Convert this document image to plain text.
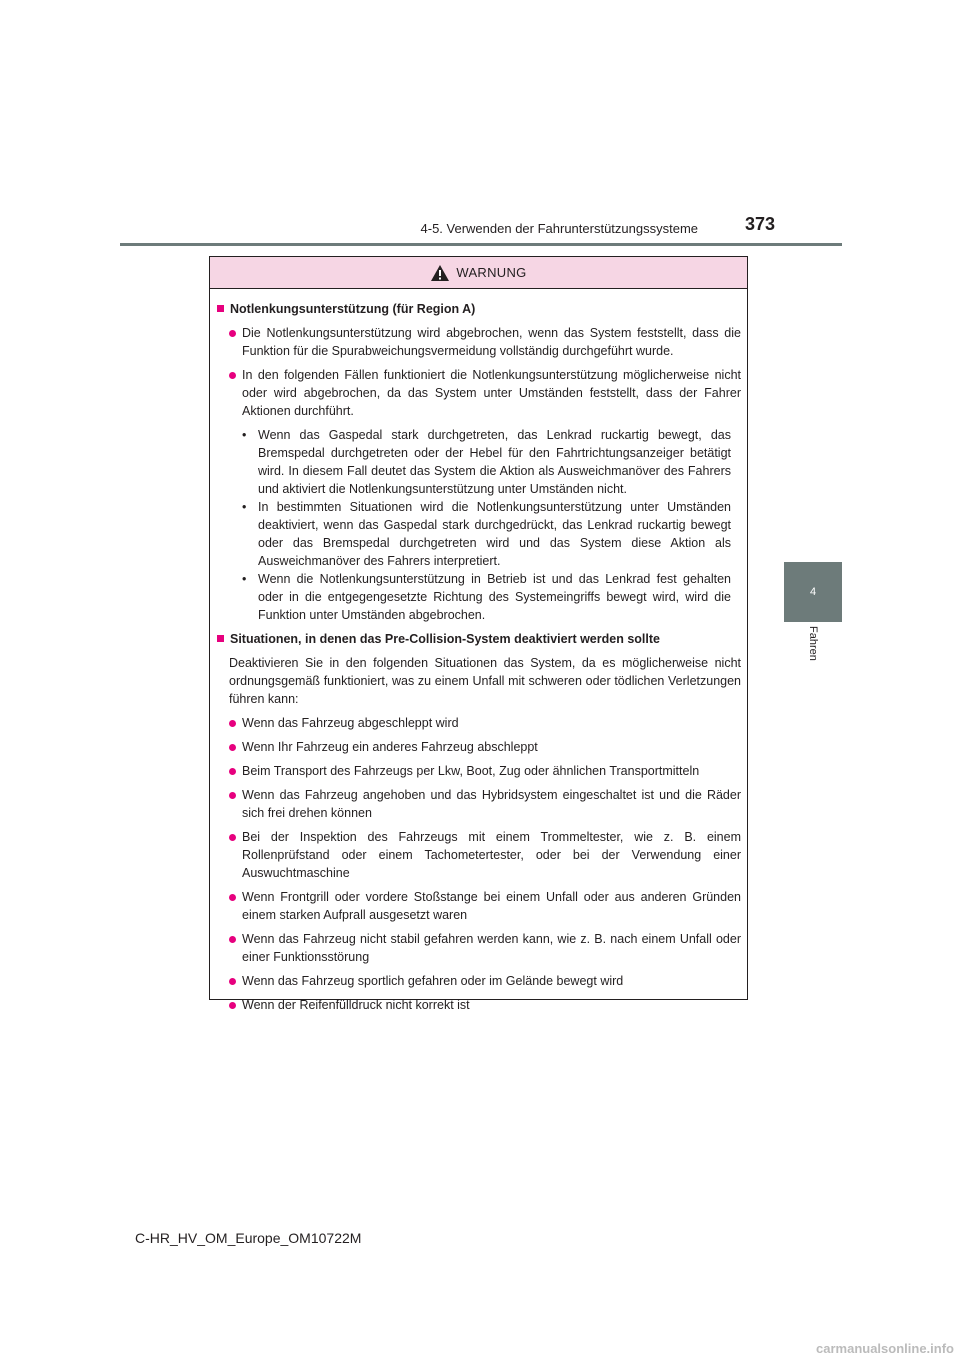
4-5. Verwenden der Fahrunterstützungssysteme	373
4
Fahren
WARNUNG
Notlenkungsunterstützung (für Region A)

Die Notlenkungsunterstützung wird abgebrochen, wenn das System feststellt, dass die Funktion für die Spurabweichungsvermeidung vollständig durchgeführt wurde.

In den folgenden Fällen funktioniert die Notlenkungsunterstützung möglicherweise nicht oder wird abgebrochen, da das System unter Umständen feststellt, dass der Fahrer Aktionen durchführt.

• Wenn das Gaspedal stark durchgetreten, das Lenkrad ruckartig bewegt, das Bremspedal durchgetreten oder der Hebel für den Fahrtrichtungsanzeiger betätigt wird. In diesem Fall deutet das System die Aktion als Ausweichmanöver des Fahrers und aktiviert die Notlenkungsunterstützung unter Umständen nicht.

• In bestimmten Situationen wird die Notlenkungsunterstützung unter Umständen deaktiviert, wenn das Gaspedal stark durchgedrückt, das Lenkrad ruckartig bewegt oder das Bremspedal durchgetreten wird und das System diese Aktion als Ausweichmanöver des Fahrers interpretiert.

• Wenn die Notlenkungsunterstützung in Betrieb ist und das Lenkrad fest gehalten oder in die entgegengesetzte Richtung des Systemeingriffs bewegt wird, wird die Funktion unter Umständen abgebrochen.

Situationen, in denen das Pre-Collision-System deaktiviert werden sollte

Deaktivieren Sie in den folgenden Situationen das System, da es möglicherweise nicht ordnungsgemäß funktioniert, was zu einem Unfall mit schweren oder tödlichen Verletzungen führen kann:

Wenn das Fahrzeug abgeschleppt wird

Wenn Ihr Fahrzeug ein anderes Fahrzeug abschleppt

Beim Transport des Fahrzeugs per Lkw, Boot, Zug oder ähnlichen Transportmitteln

Wenn das Fahrzeug angehoben und das Hybridsystem eingeschaltet ist und die Räder sich frei drehen können

Bei der Inspektion des Fahrzeugs mit einem Trommeltester, wie z. B. einem Rollenprüfstand oder einem Tachometertester, oder bei der Verwendung einer Auswuchtmaschine

Wenn Frontgrill oder vordere Stoßstange bei einem Unfall oder aus anderen Gründen einem starken Aufprall ausgesetzt waren

Wenn das Fahrzeug nicht stabil gefahren werden kann, wie z. B. nach einem Unfall oder einer Funktionsstörung

Wenn das Fahrzeug sportlich gefahren oder im Gelände bewegt wird

Wenn der Reifenfülldruck nicht korrekt ist

C-HR_HV_OM_Europe_OM10722M
carmanualsonline.info
